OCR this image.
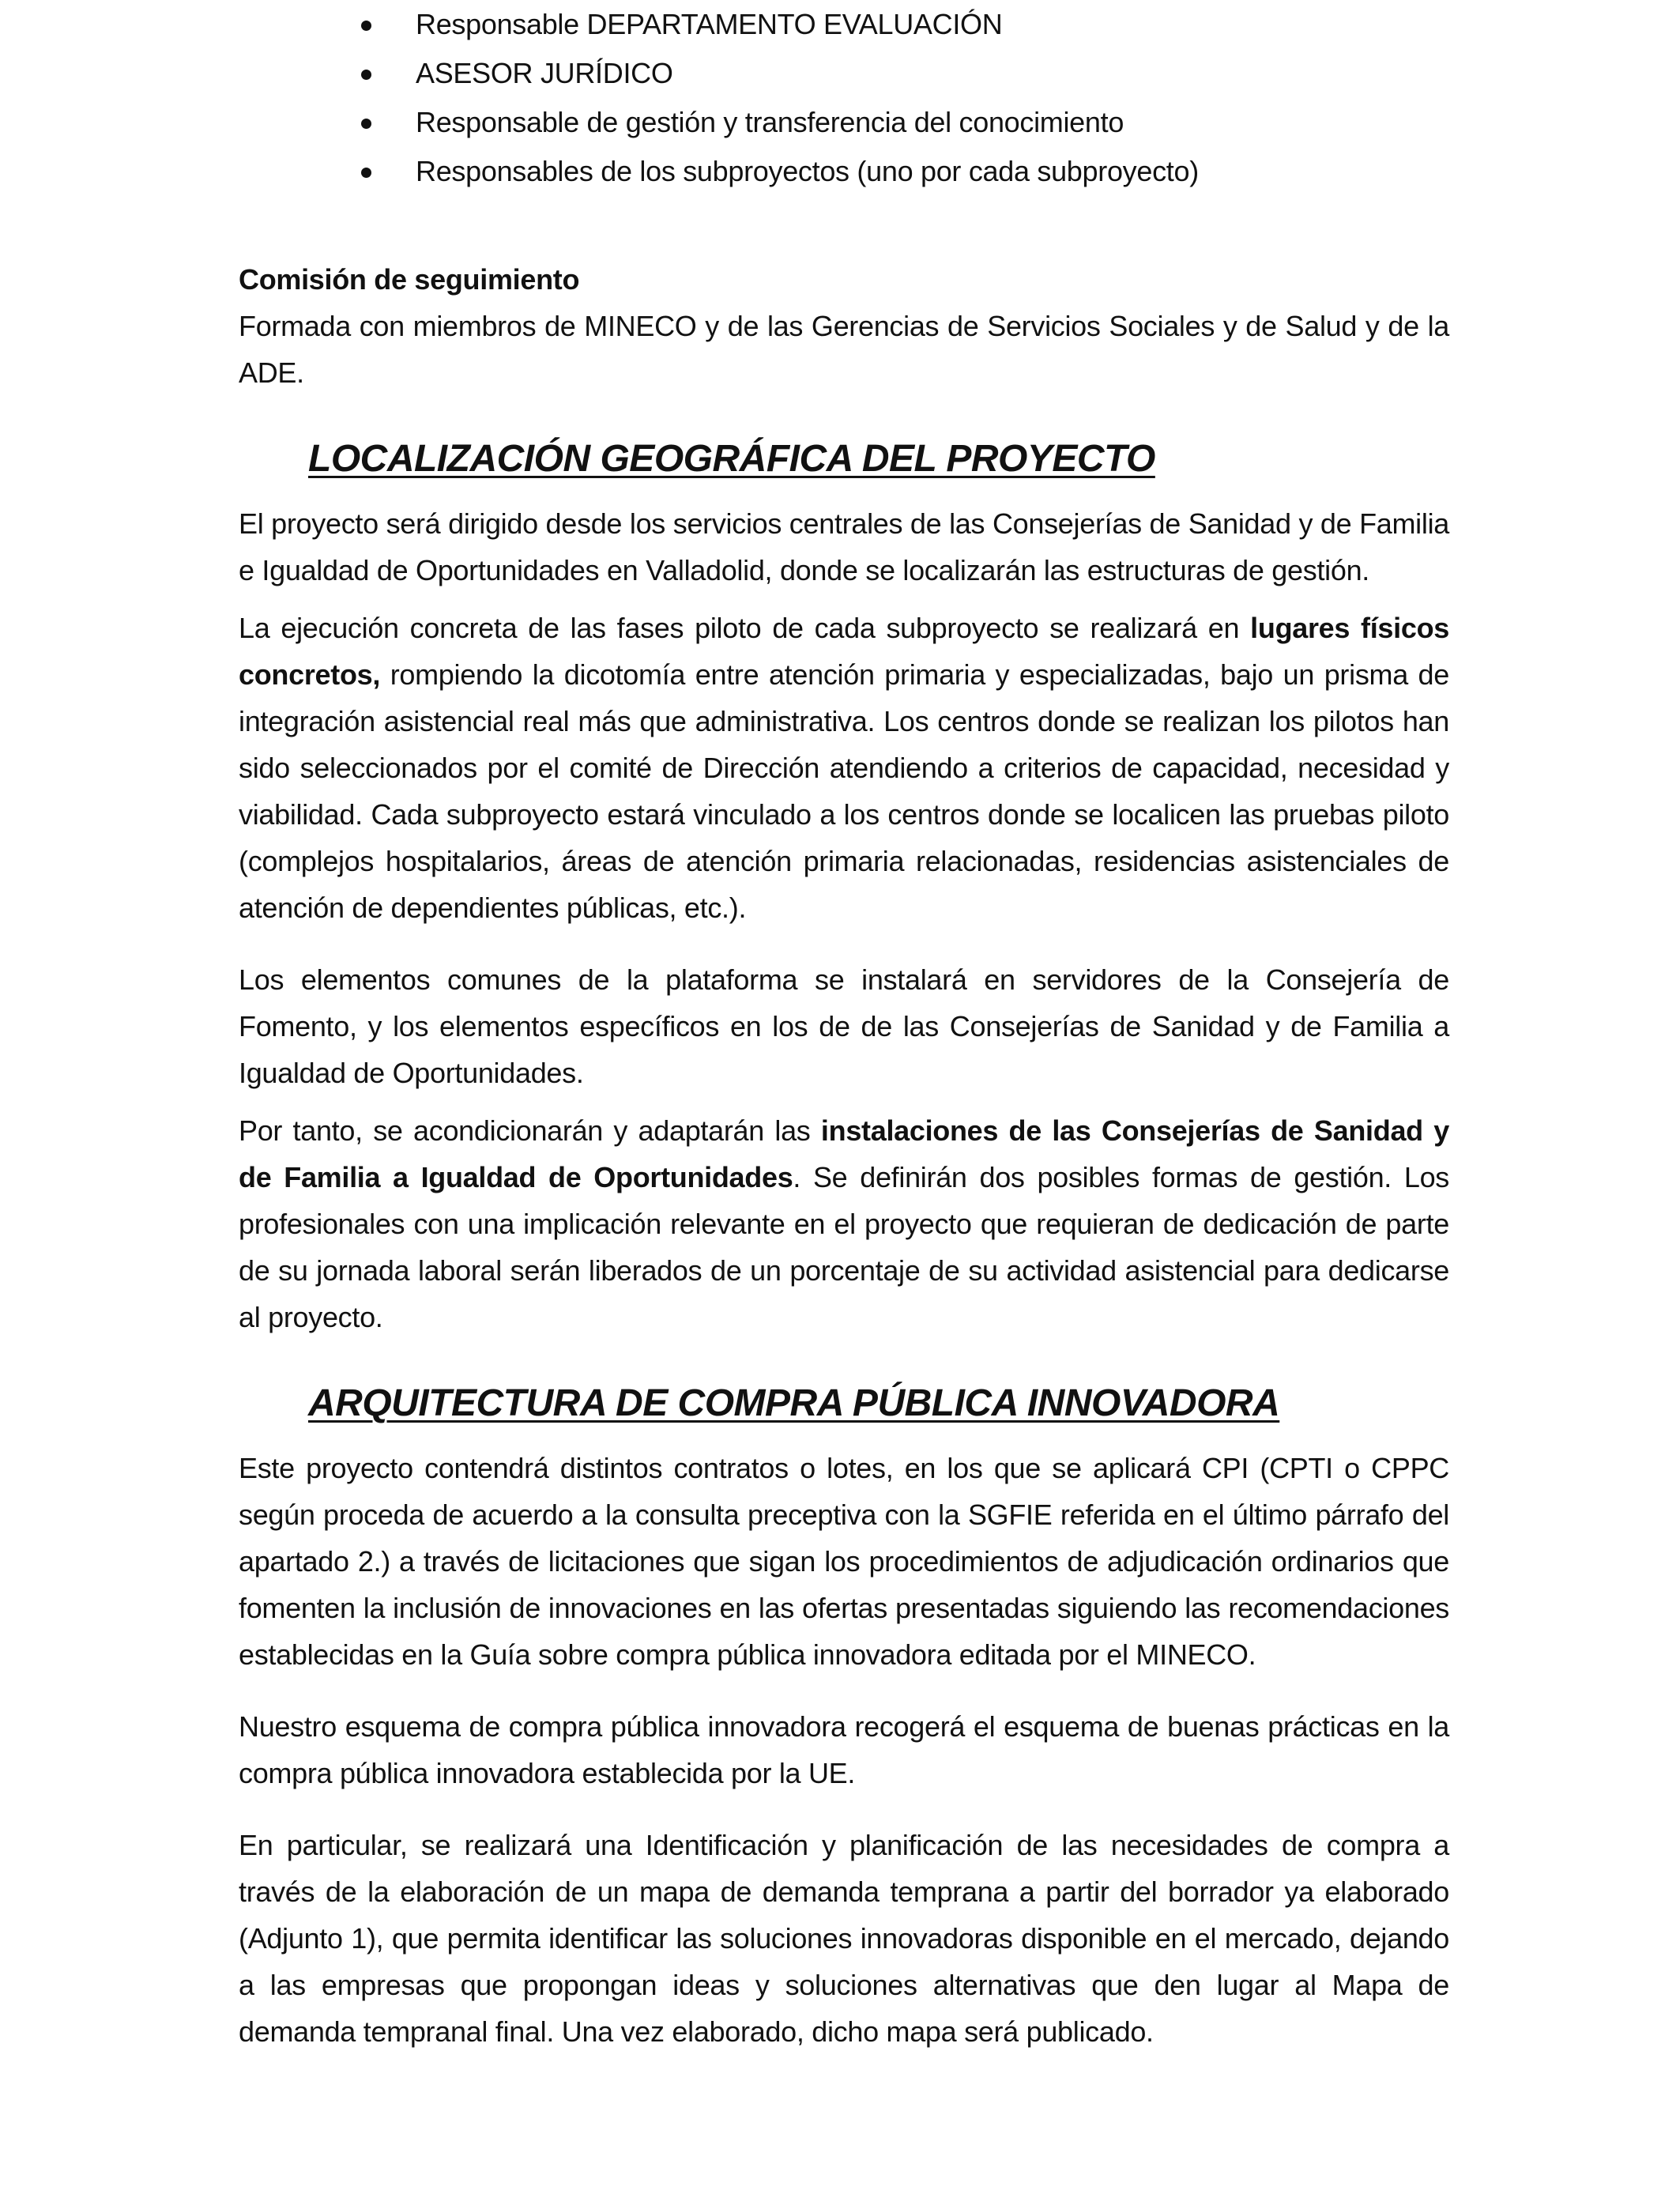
Responsable DEPARTAMENTO EVALUACIÓN
ASESOR JURÍDICO
Responsable de gestión y transferencia del conocimiento
Responsables de los subproyectos (uno por cada subproyecto)
Comisión de seguimiento

Formada con miembros de MINECO y de las Gerencias de Servicios Sociales y de Salud y de la ADE.

LOCALIZACIÓN GEOGRÁFICA DEL PROYECTO

El proyecto será dirigido desde los servicios centrales de las Consejerías de Sanidad y de Familia e Igualdad de Oportunidades en Valladolid, donde se localizarán las estructuras de gestión.

La ejecución concreta de las fases piloto de cada subproyecto se realizará en lugares físicos concretos, rompiendo la dicotomía entre atención primaria y especializadas, bajo un prisma de integración asistencial real más que administrativa. Los centros donde se realizan los pilotos han sido seleccionados por el comité de Dirección atendiendo a criterios de capacidad, necesidad y viabilidad. Cada subproyecto estará vinculado a los centros donde se localicen las pruebas piloto (complejos hospitalarios, áreas de atención primaria relacionadas, residencias asistenciales de atención de dependientes públicas, etc.).

Los elementos comunes de la plataforma se instalará en servidores de la Consejería de Fomento, y los elementos específicos en los de de las Consejerías de Sanidad y de Familia a Igualdad de Oportunidades.

Por tanto, se acondicionarán y adaptarán las instalaciones de las Consejerías de Sanidad y de Familia a Igualdad de Oportunidades. Se definirán dos posibles formas de gestión. Los profesionales con una implicación relevante en el proyecto que requieran de dedicación de parte de su jornada laboral serán liberados de un porcentaje de su actividad asistencial para dedicarse al proyecto.

ARQUITECTURA DE COMPRA PÚBLICA INNOVADORA

Este proyecto contendrá distintos contratos o lotes, en los que se aplicará CPI (CPTI o CPPC según proceda de acuerdo a la consulta preceptiva con la SGFIE referida en el último párrafo del apartado 2.) a través de licitaciones que sigan los procedimientos de adjudicación ordinarios que fomenten la inclusión de innovaciones en las ofertas presentadas siguiendo las recomendaciones establecidas en la Guía sobre compra pública innovadora editada por el MINECO.

Nuestro esquema de compra pública innovadora recogerá el esquema de buenas prácticas en la compra pública innovadora establecida por la UE.

En particular, se realizará una Identificación y planificación de las necesidades de compra a través de la elaboración de un mapa de demanda temprana a partir del borrador ya elaborado (Adjunto 1), que permita identificar las soluciones innovadoras disponible en el mercado, dejando a las empresas que propongan ideas y soluciones alternativas que den lugar al Mapa de demanda tempranal final. Una vez elaborado, dicho mapa será publicado.
